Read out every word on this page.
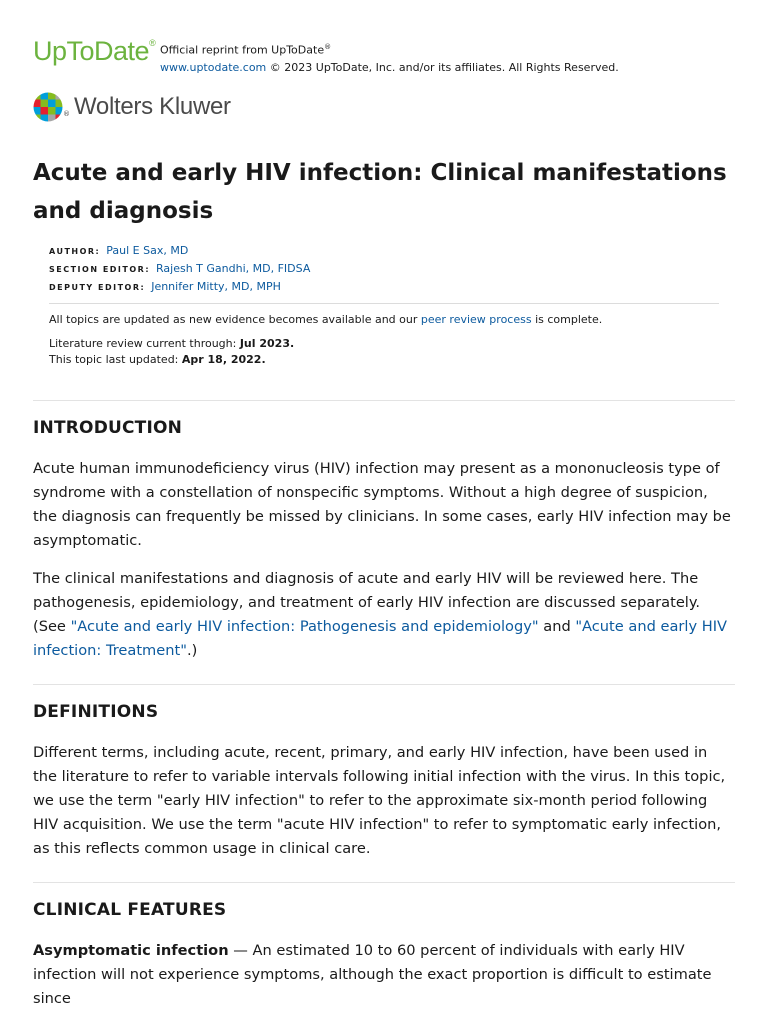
UpToDate®
Official reprint from UpToDate®
www.uptodate.com © 2023 UpToDate, Inc. and/or its affiliates. All Rights Reserved.
® Wolters Kluwer
Acute and early HIV infection: Clinical manifestations and diagnosis
AUTHOR: Paul E Sax, MD
SECTION EDITOR: Rajesh T Gandhi, MD, FIDSA
DEPUTY EDITOR: Jennifer Mitty, MD, MPH

All topics are updated as new evidence becomes available and our peer review process is complete.

Literature review current through: Jul 2023.
This topic last updated: Apr 18, 2022.
INTRODUCTION

Acute human immunodeficiency virus (HIV) infection may present as a mononucleosis type of syndrome with a constellation of nonspecific symptoms. Without a high degree of suspicion, the diagnosis can frequently be missed by clinicians. In some cases, early HIV infection may be asymptomatic.

The clinical manifestations and diagnosis of acute and early HIV will be reviewed here. The pathogenesis, epidemiology, and treatment of early HIV infection are discussed separately. (See "Acute and early HIV infection: Pathogenesis and epidemiology" and "Acute and early HIV infection: Treatment".)

DEFINITIONS

Different terms, including acute, recent, primary, and early HIV infection, have been used in the literature to refer to variable intervals following initial infection with the virus. In this topic, we use the term "early HIV infection" to refer to the approximate six-month period following HIV acquisition. We use the term "acute HIV infection" to refer to symptomatic early infection, as this reflects common usage in clinical care.

CLINICAL FEATURES

Asymptomatic infection — An estimated 10 to 60 percent of individuals with early HIV infection will not experience symptoms, although the exact proportion is difficult to estimate since
